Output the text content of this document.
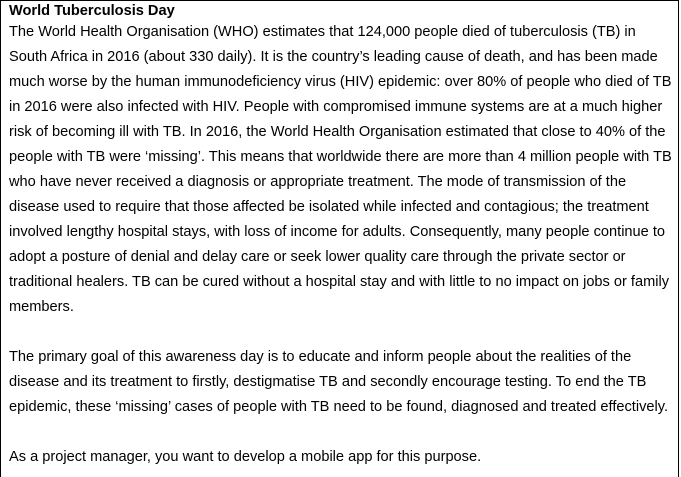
World Tuberculosis Day
The World Health Organisation (WHO) estimates that 124,000 people died of tuberculosis (TB) in
South Africa in 2016 (about 330 daily). It is the country’s leading cause of death, and has been made
much worse by the human immunodeficiency virus (HIV) epidemic: over 80% of people who died of TB
in 2016 were also infected with HIV. People with compromised immune systems are at a much higher
risk of becoming ill with TB. In 2016, the World Health Organisation estimated that close to 40% of the
people with TB were ‘missing’. This means that worldwide there are more than 4 million people with TB
who have never received a diagnosis or appropriate treatment. The mode of transmission of the
disease used to require that those affected be isolated while infected and contagious; the treatment
involved lengthy hospital stays, with loss of income for adults. Consequently, many people continue to
adopt a posture of denial and delay care or seek lower quality care through the private sector or
traditional healers. TB can be cured without a hospital stay and with little to no impact on jobs or family
members.
The primary goal of this awareness day is to educate and inform people about the realities of the
disease and its treatment to firstly, destigmatise TB and secondly encourage testing. To end the TB
epidemic, these ‘missing’ cases of people with TB need to be found, diagnosed and treated effectively.
As a project manager, you want to develop a mobile app for this purpose.
